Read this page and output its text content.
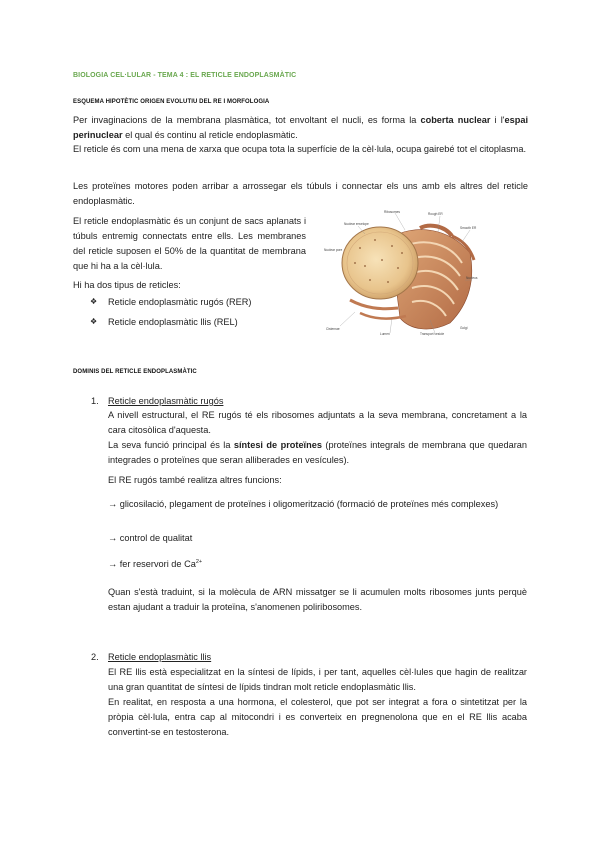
BIOLOGIA CEL·LULAR - TEMA 4 : EL RETICLE ENDOPLASMÀTIC
ESQUEMA HIPOTÈTIC ORIGEN EVOLUTIU DEL RE I MORFOLOGIA
Per invaginacions de la membrana plasmàtica, tot envoltant el nucli, es forma la coberta nuclear i l'espai perinuclear el qual és continu al reticle endoplasmàtic.
El reticle és com una mena de xarxa que ocupa tota la superfície de la cèl·lula, ocupa gairebé tot el citoplasma.
Les proteïnes motores poden arribar a arrossegar els túbuls i connectar els uns amb els altres del reticle endoplasmàtic.
El reticle endoplasmàtic és un conjunt de sacs aplanats i túbuls entremig connectats entre ells. Les membranes del reticle suposen el 50% de la quantitat de membrana que hi ha a la cèl·lula.
Hi ha dos tipus de reticles:
❖ Reticle endoplasmàtic rugós (RER)
❖ Reticle endoplasmàtic llis (REL)
Nuclear envelope
Ribosomes	Rough ER
Smooth ER
Nucleus
Cisternae
Lumen	Transport vesicle
Nuclear pore
Golgi
DOMINIS DEL RETICLE ENDOPLASMÀTIC
1. Reticle endoplasmàtic rugós
A nivell estructural, el RE rugós té els ribosomes adjuntats a la seva membrana, concretament a la cara citosòlica d'aquesta.
La seva funció principal és la síntesi de proteïnes (proteïnes integrals de membrana que quedaran integrades o proteïnes que seran alliberades en vesícules).
El RE rugós també realitza altres funcions:
→ glicosilació, plegament de proteïnes i oligomerització (formació de proteïnes més complexes)
→ control de qualitat
→ fer reservori de $Ca^{2+}$
Quan s'està traduint, si la molècula de ARN missatger se li acumulen molts ribosomes junts perquè estan ajudant a traduir la proteïna, s'anomenen poliribosomes.
2. Reticle endoplasmàtic llis
El RE llis està especialitzat en la síntesi de lípids, i per tant, aquelles cèl·lules que hagin de realitzar una gran quantitat de síntesi de lípids tindran molt reticle endoplasmàtic llis.
En realitat, en resposta a una hormona, el colesterol, que pot ser integrat a fora o sintetitzat per la pròpia cèl·lula, entra cap al mitocondri i es converteix en pregnenolona que en el RE llis acaba convertint-se en testosterona.
